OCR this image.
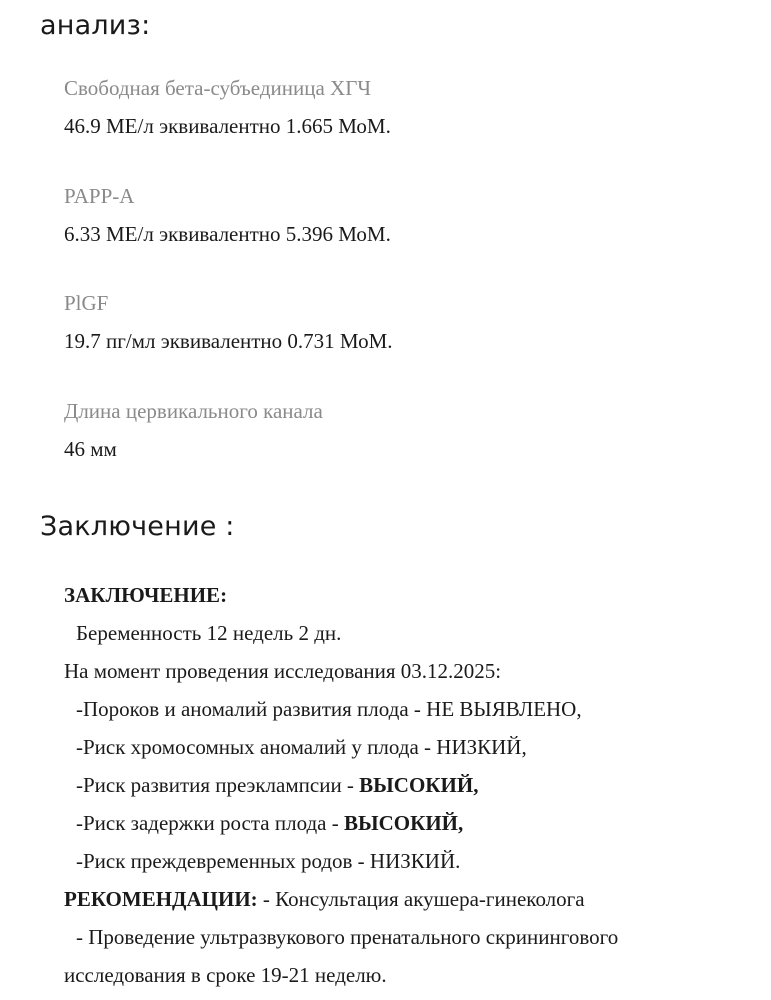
анализ:
Свободная бета-субъединица ХГЧ
46.9 МЕ/л эквивалентно 1.665 МоМ.
PAPP-A
6.33 МЕ/л эквивалентно 5.396 МоМ.
PlGF
19.7 пг/мл эквивалентно 0.731 МоМ.
Длина цервикального канала
46 мм
Заключение :
ЗАКЛЮЧЕНИЕ:
Беременность 12 недель 2 дн.
На момент проведения исследования 03.12.2025:
-Пороков и аномалий развития плода - НЕ ВЫЯВЛЕНО,
-Риск хромосомных аномалий у плода - НИЗКИЙ,
-Риск развития преэклампсии - ВЫСОКИЙ,
-Риск задержки роста плода - ВЫСОКИЙ,
-Риск преждевременных родов - НИЗКИЙ.
РЕКОМЕНДАЦИИ: - Консультация акушера-гинеколога
- Проведение ультразвукового пренатального скринингового
исследования в сроке 19-21 неделю.
